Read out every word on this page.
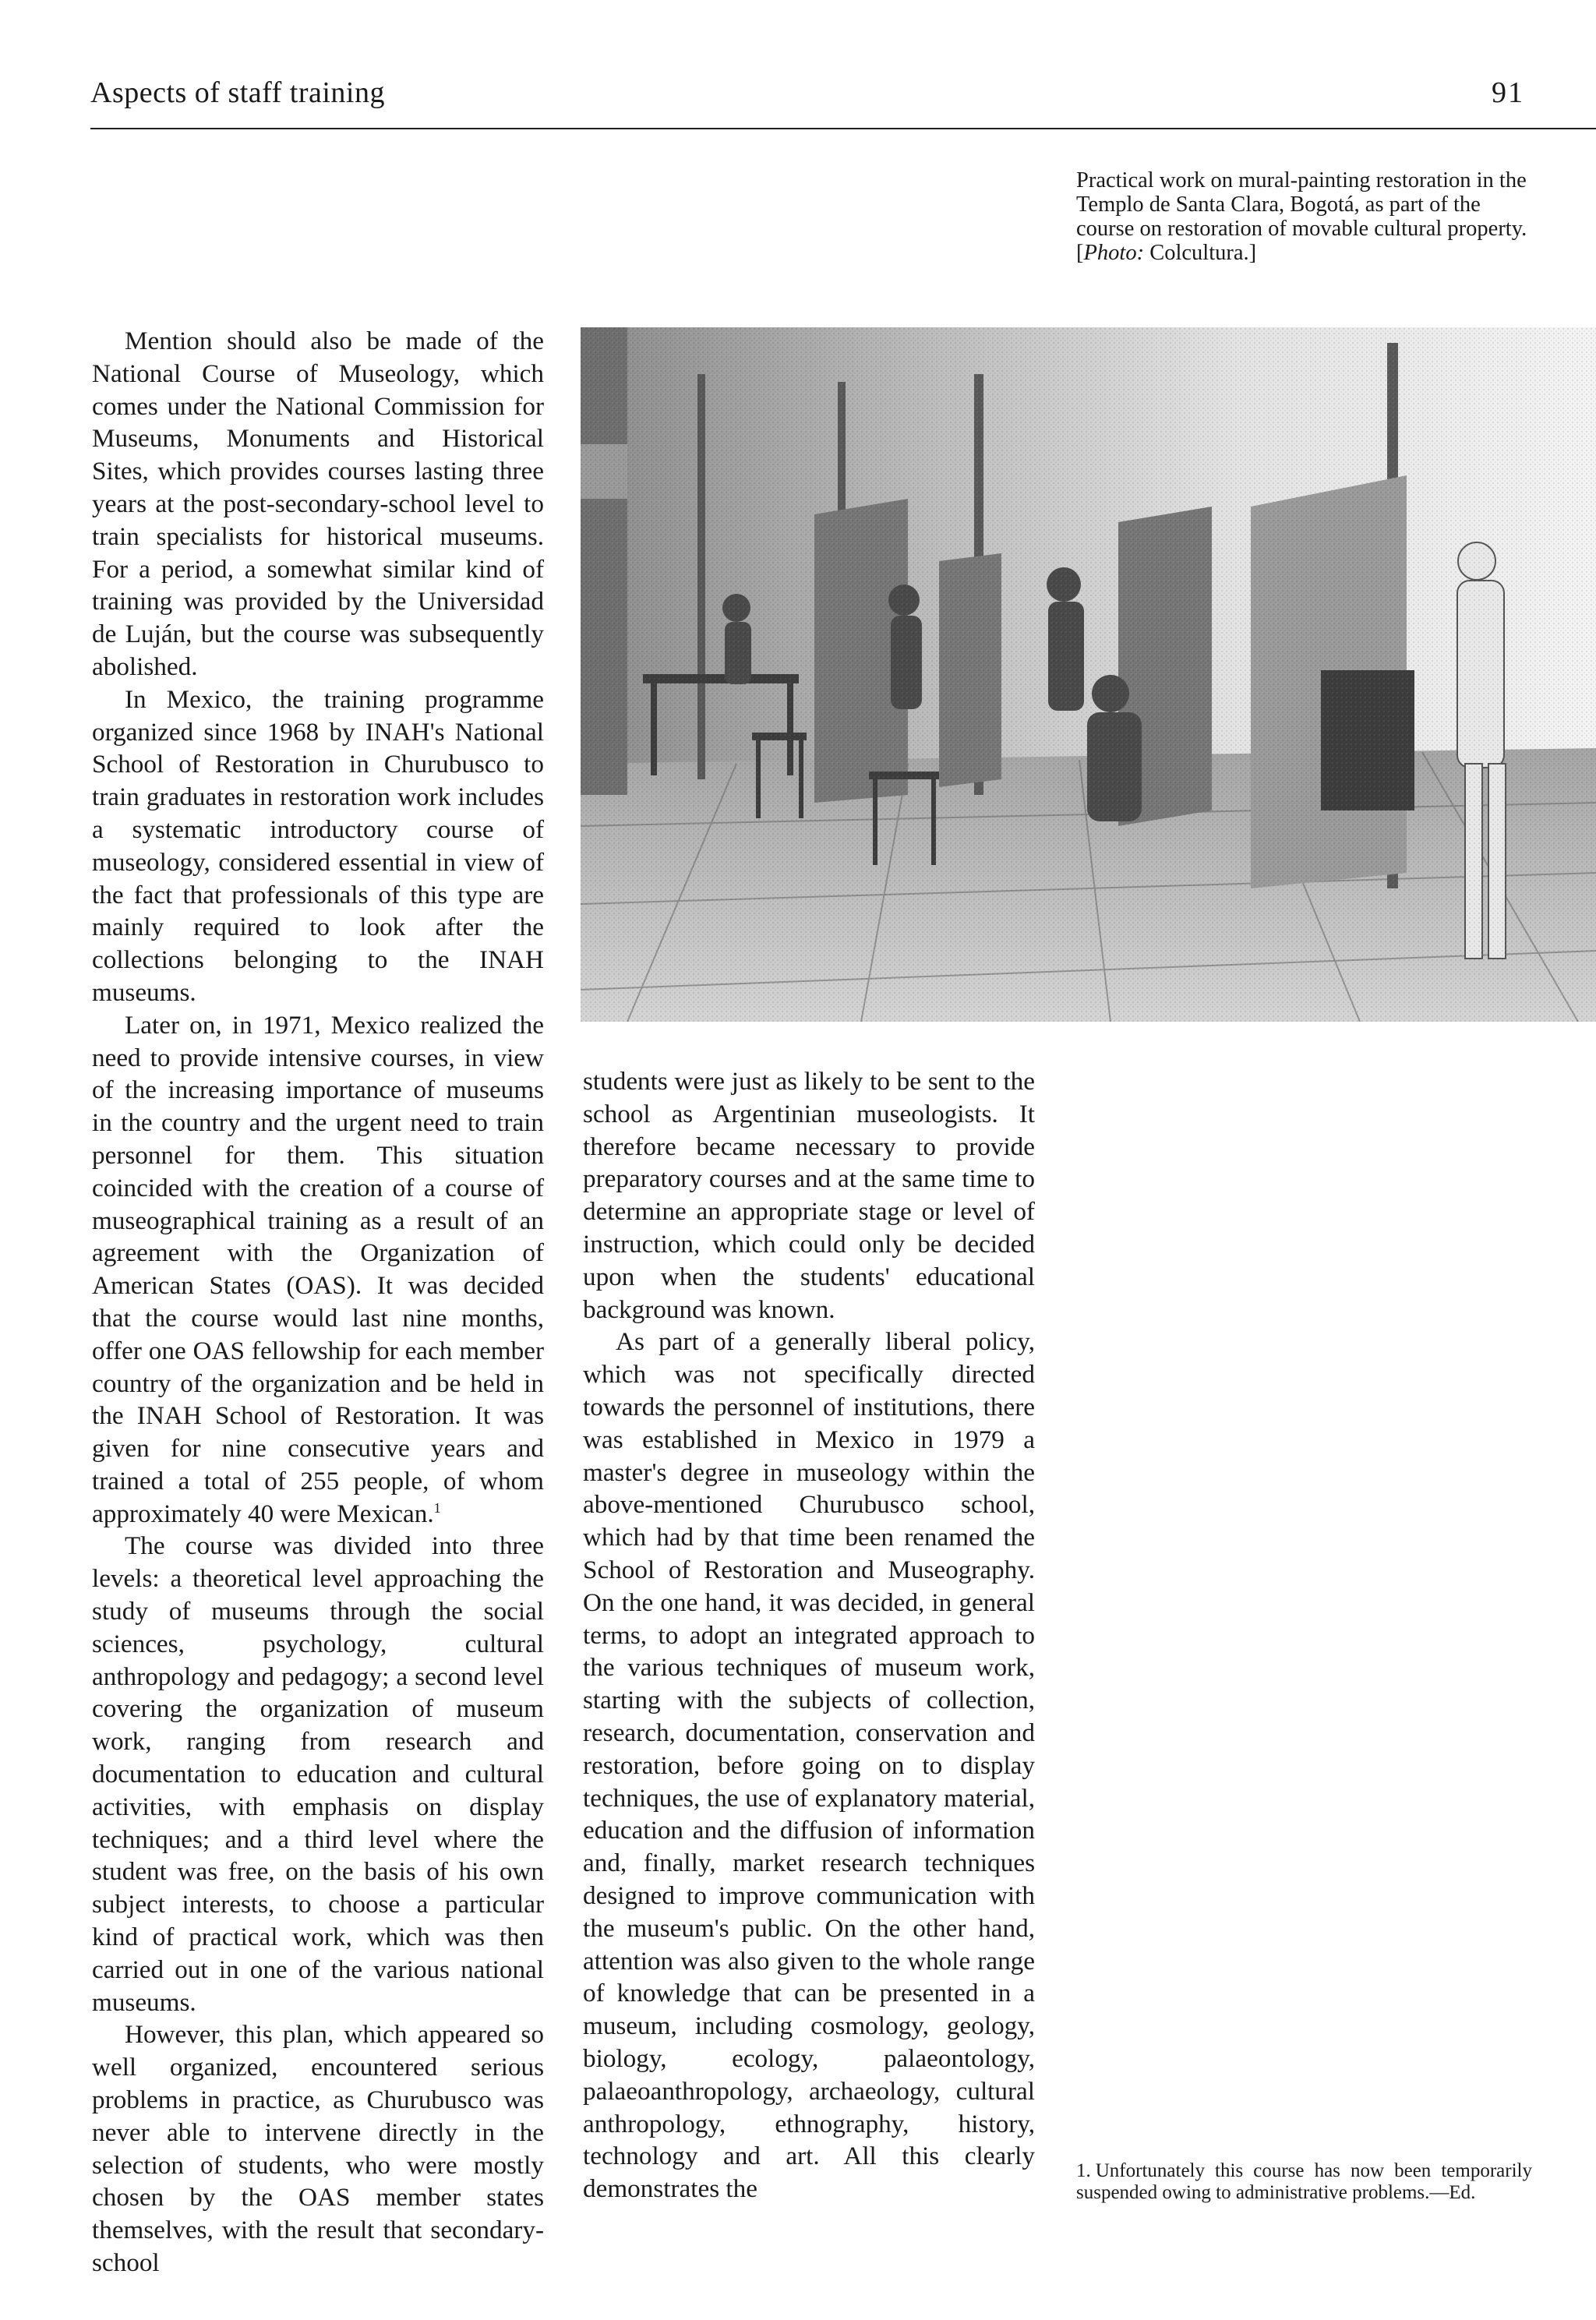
Aspects of staff training	91
Practical work on mural-painting restoration in the Templo de Santa Clara, Bogotá, as part of the course on restoration of movable cultural property.
[Photo: Colcultura.]

Mention should also be made of the National Course of Museology, which comes under the National Commission for Museums, Monuments and Historical Sites, which provides courses lasting three years at the post-secondary-school level to train specialists for historical museums. For a period, a somewhat similar kind of training was provided by the Universidad de Luján, but the course was subsequently abolished.

In Mexico, the training programme organized since 1968 by INAH's National School of Restoration in Churubusco to train graduates in restoration work includes a systematic introductory course of museology, considered essential in view of the fact that professionals of this type are mainly required to look after the collections belonging to the INAH museums.

Later on, in 1971, Mexico realized the need to provide intensive courses, in view of the increasing importance of museums in the country and the urgent need to train personnel for them. This situation coincided with the creation of a course of museographical training as a result of an agreement with the Organization of American States (OAS). It was decided that the course would last nine months, offer one OAS fellowship for each member country of the organization and be held in the INAH School of Restoration. It was given for nine consecutive years and trained a total of 255 people, of whom approximately 40 were Mexican.$^1$

The course was divided into three levels: a theoretical level approaching the study of museums through the social sciences, psychology, cultural anthropology and pedagogy; a second level covering the organization of museum work, ranging from research and documentation to education and cultural activities, with emphasis on display techniques; and a third level where the student was free, on the basis of his own subject interests, to choose a particular kind of practical work, which was then carried out in one of the various national museums.

However, this plan, which appeared so well organized, encountered serious problems in practice, as Churubusco was never able to intervene directly in the selection of students, who were mostly chosen by the OAS member states themselves, with the result that secondary-school

students were just as likely to be sent to the school as Argentinian museologists. It therefore became necessary to provide preparatory courses and at the same time to determine an appropriate stage or level of instruction, which could only be decided upon when the students' educational background was known.

As part of a generally liberal policy, which was not specifically directed towards the personnel of institutions, there was established in Mexico in 1979 a master's degree in museology within the above-mentioned Churubusco school, which had by that time been renamed the School of Restoration and Museography. On the one hand, it was decided, in general terms, to adopt an integrated approach to the various techniques of museum work, starting with the subjects of collection, research, documentation, conservation and restoration, before going on to display techniques, the use of explanatory material, education and the diffusion of information and, finally, market research techniques designed to improve communication with the museum's public. On the other hand, attention was also given to the whole range of knowledge that can be presented in a museum, including cosmology, geology, biology, ecology, palaeontology, palaeoanthropology, archaeology, cultural anthropology, ethnography, history, technology and art. All this clearly demonstrates the

1. Unfortunately this course has now been temporarily suspended owing to administrative problems.—Ed.
